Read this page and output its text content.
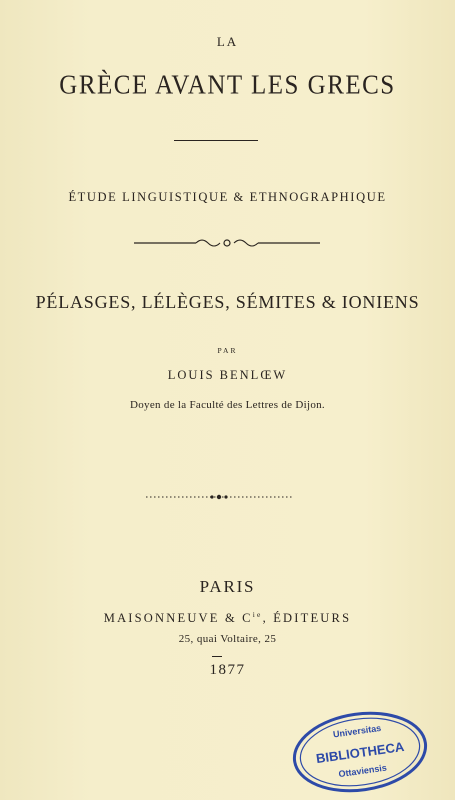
LA
GRÈCE AVANT LES GRECS
ÉTUDE LINGUISTIQUE & ETHNOGRAPHIQUE
PÉLASGES, LÉLÈGES, SÉMITES & IONIENS
PAR
LOUIS BENLŒW
Doyen de la Faculté des Lettres de Dijon.
PARIS
MAISONNEUVE & $C^{ie}$, ÉDITEURS
25, quai Voltaire, 25
1877
Universitas
BIBLIOTHECA
Ottaviensis
